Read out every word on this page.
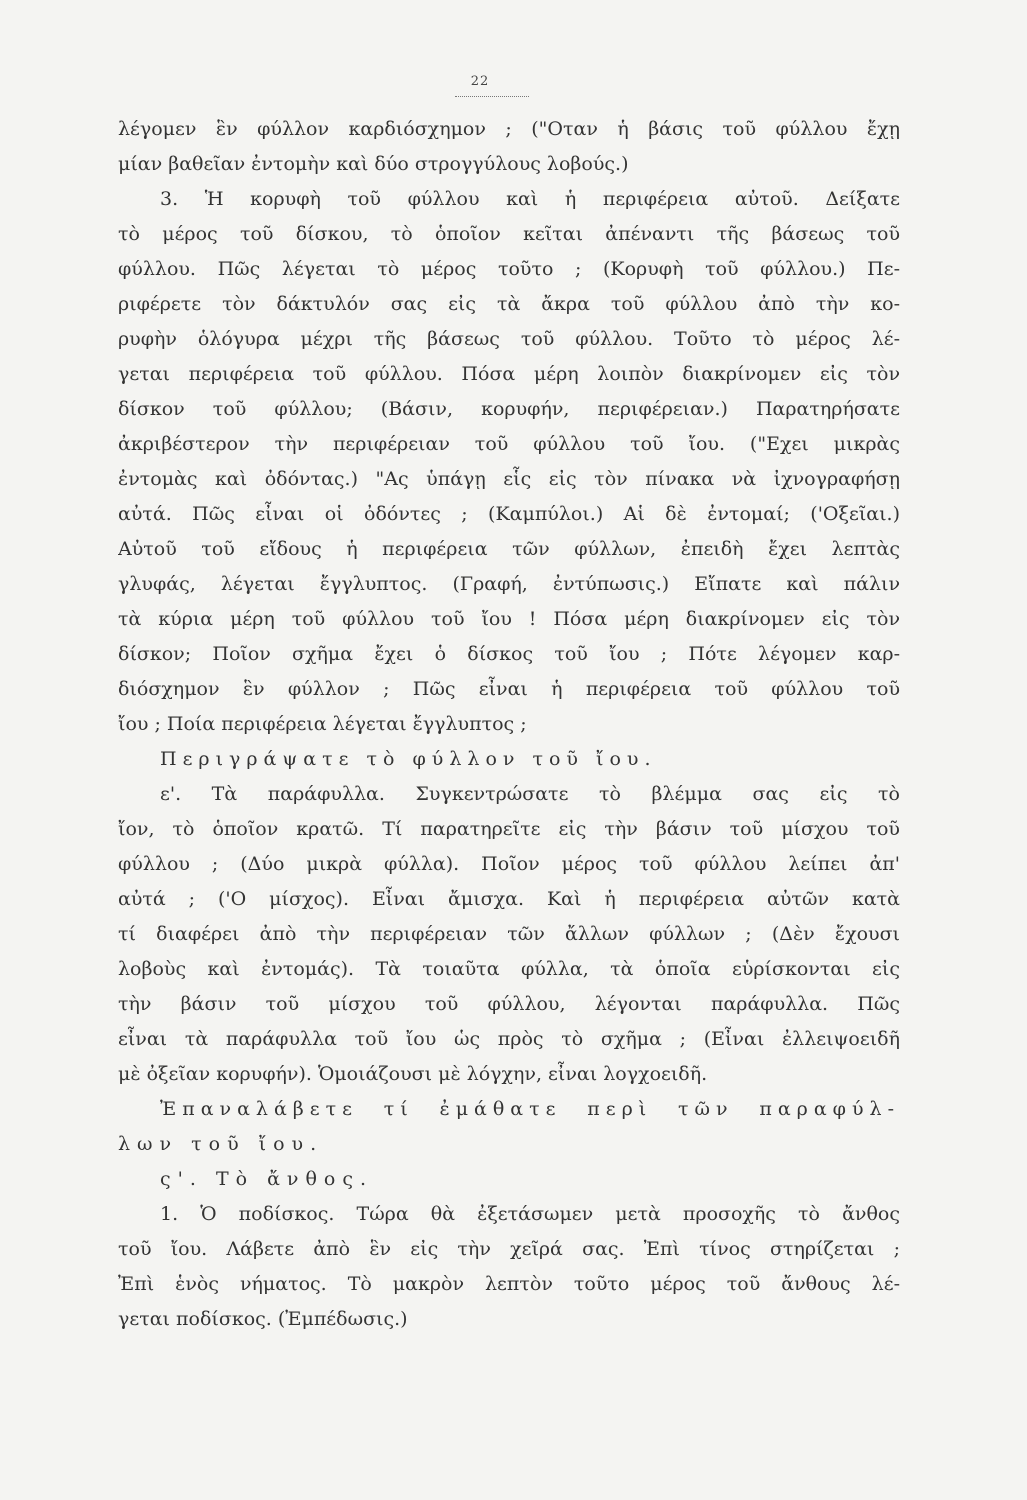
22
λέγομεν ἓν φύλλον καρδιόσχημον ; ("Οταν ἡ βάσις τοῦ φύλλου ἔχῃ
μίαν βαθεῖαν ἐντομὴν καὶ δύο στρογγύλους λοβούς.)
3. Ἡ κορυφὴ τοῦ φύλλου καὶ ἡ περιφέρεια αὐτοῦ. Δείξατε
τὸ μέρος τοῦ δίσκου, τὸ ὁποῖον κεῖται ἀπέναντι τῆς βάσεως τοῦ
φύλλου. Πῶς λέγεται τὸ μέρος τοῦτο ; (Κορυφὴ τοῦ φύλλου.) Πε-
ριφέρετε τὸν δάκτυλόν σας εἰς τὰ ἄκρα τοῦ φύλλου ἀπὸ τὴν κο-
ρυφὴν ὁλόγυρα μέχρι τῆς βάσεως τοῦ φύλλου. Τοῦτο τὸ μέρος λέ-
γεται περιφέρεια τοῦ φύλλου. Πόσα μέρη λοιπὸν διακρίνομεν εἰς τὸν
δίσκον τοῦ φύλλου; (Βάσιν, κορυφήν, περιφέρειαν.) Παρατηρήσατε
ἀκριβέστερον τὴν περιφέρειαν τοῦ φύλλου τοῦ ἴου. ("Εχει μικρὰς
ἐντομὰς καὶ ὀδόντας.) "Ας ὑπάγῃ εἷς εἰς τὸν πίνακα νὰ ἰχνογραφήσῃ
αὐτά. Πῶς εἶναι οἱ ὀδόντες ; (Καμπύλοι.) Αἱ δὲ ἐντομαί; ('Οξεῖαι.)
Αὐτοῦ τοῦ εἴδους ἡ περιφέρεια τῶν φύλλων, ἐπειδὴ ἔχει λεπτὰς
γλυφάς, λέγεται ἔγγλυπτος. (Γραφή, ἐντύπωσις.) Εἴπατε καὶ πάλιν
τὰ κύρια μέρη τοῦ φύλλου τοῦ ἴου ! Πόσα μέρη διακρίνομεν εἰς τὸν
δίσκον; Ποῖον σχῆμα ἔχει ὁ δίσκος τοῦ ἴου ; Πότε λέγομεν καρ-
διόσχημον ἓν φύλλον ; Πῶς εἶναι ἡ περιφέρεια τοῦ φύλλου τοῦ
ἴου ; Ποία περιφέρεια λέγεται ἔγγλυπτος ;
Περιγράψατε τὸ φύλλον τοῦ ἴου.
ε'. Τὰ παράφυλλα. Συγκεντρώσατε τὸ βλέμμα σας εἰς τὸ
ἴον, τὸ ὁποῖον κρατῶ. Τί παρατηρεῖτε εἰς τὴν βάσιν τοῦ μίσχου τοῦ
φύλλου ; (Δύο μικρὰ φύλλα). Ποῖον μέρος τοῦ φύλλου λείπει ἀπ'
αὐτά ; ('Ο μίσχος). Εἶναι ἄμισχα. Καὶ ἡ περιφέρεια αὐτῶν κατὰ
τί διαφέρει ἀπὸ τὴν περιφέρειαν τῶν ἄλλων φύλλων ; (Δὲν ἔχουσι
λοβοὺς καὶ ἐντομάς). Τὰ τοιαῦτα φύλλα, τὰ ὁποῖα εὑρίσκονται εἰς
τὴν βάσιν τοῦ μίσχου τοῦ φύλλου, λέγονται παράφυλλα. Πῶς
εἶναι τὰ παράφυλλα τοῦ ἴου ὡς πρὸς τὸ σχῆμα ; (Εἶναι ἐλλειψοειδῆ
μὲ ὀξεῖαν κορυφήν). Ὁμοιάζουσι μὲ λόγχην, εἶναι λογχοειδῆ.
Ἐπαναλάβετε τί ἐμάθατε περὶ τῶν παραφύλ-
λων τοῦ ἴου.
ς'. Τὸ ἄνθος.
1. Ὁ ποδίσκος. Τώρα θὰ ἐξετάσωμεν μετὰ προσοχῆς τὸ ἄνθος
τοῦ ἴου. Λάβετε ἀπὸ ἓν εἰς τὴν χεῖρά σας. Ἐπὶ τίνος στηρίζεται ;
Ἐπὶ ἑνὸς νήματος. Τὸ μακρὸν λεπτὸν τοῦτο μέρος τοῦ ἄνθους λέ-
γεται ποδίσκος. (Ἐμπέδωσις.)
